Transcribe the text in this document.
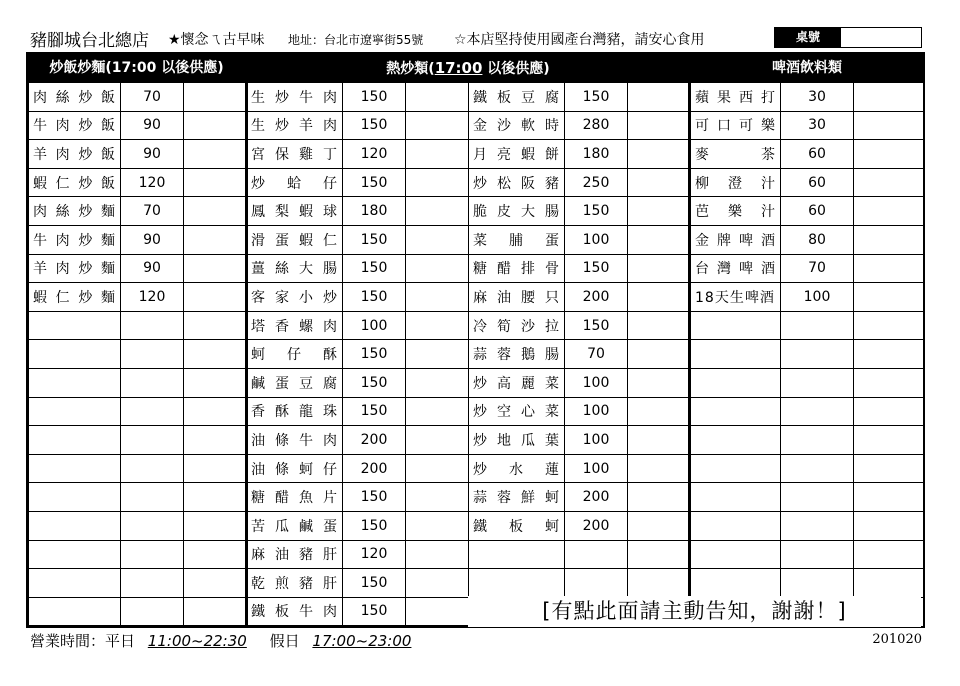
豬腳城台北總店 ★懷念ㄟ古早味 地址：台北市遼寧街55號 ☆本店堅持使用國產台灣豬，請安心食用	桌號
炒飯炒麵(17:00 以後供應)	熱炒類(17:00 以後供應)	啤酒飲料類
肉絲炒飯	70	
牛肉炒飯	90	
羊肉炒飯	90	
蝦仁炒飯	120	
肉絲炒麵	70	
牛肉炒麵	90	
羊肉炒麵	90	
蝦仁炒麵	120	

生炒牛肉	150	
生炒羊肉	150	
宮保雞丁	120	
炒　蛤　仔	150	
鳳梨蝦球	180	
滑蛋蝦仁	150	
薑絲大腸	150	
客家小炒	150	
塔香螺肉	100	
蚵　仔　酥	150	
鹹蛋豆腐	150	
香酥龍珠	150	
油條牛肉	200	
油條蚵仔	200	
糖醋魚片	150	
苦瓜鹹蛋	150	
麻油豬肝	120	
乾煎豬肝	150	
鐵板牛肉	150	
鐵板豆腐	150	
金沙軟時	280	
月亮蝦餅	180	
炒松阪豬	250	
脆皮大腸	150	
菜　脯　蛋	100	
糖醋排骨	150	
麻油腰只	200	
冷筍沙拉	150	
蒜蓉鵝腸	70	
炒高麗菜	100	
炒空心菜	100	
炒地瓜葉	100	
炒　水　蓮	100	
蒜蓉鮮蚵	200	
鐵　板　蚵	200	

蘋果西打	30	
可口可樂	30	
麥　　　茶	60	
柳　澄　汁	60	
芭　樂　汁	60	
金牌啤酒	80	
台灣啤酒	70	
18天生啤酒	100	

[有點此面請主動告知，謝謝！]
營業時間：平日 11:00~22:30 假日 17:00~23:00	201020
